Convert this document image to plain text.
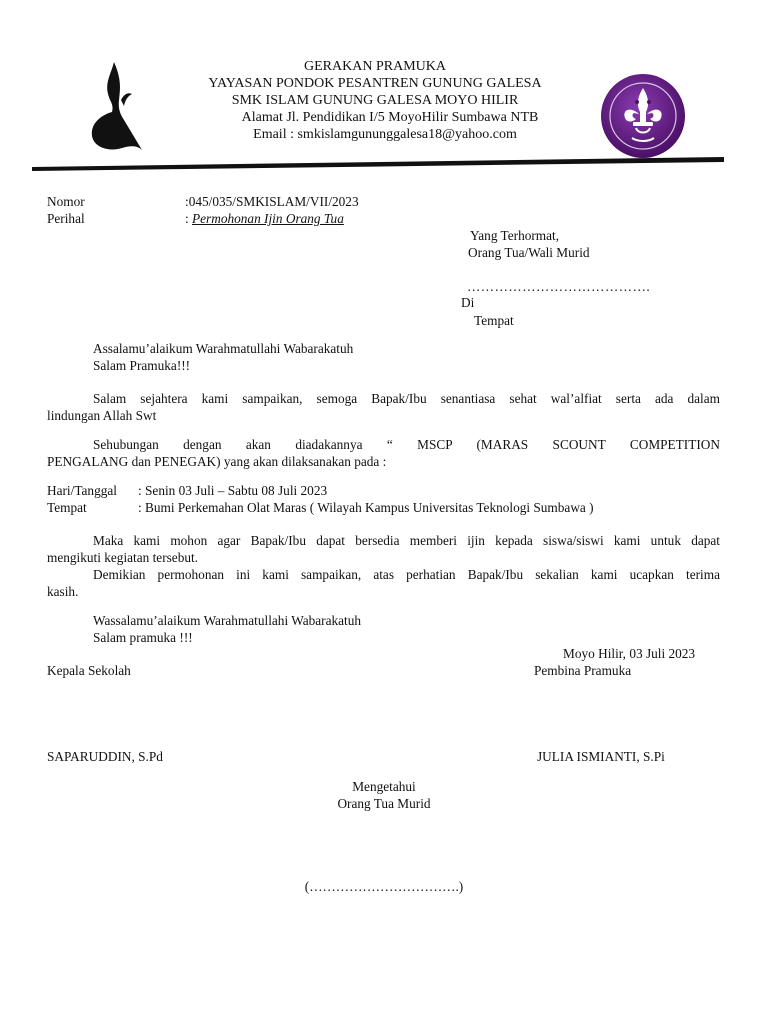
GERAKAN PRAMUKA
YAYASAN PONDOK PESANTREN GUNUNG GALESA
SMK ISLAM GUNUNG GALESA MOYO HILIR
Alamat Jl. Pendidikan I/5 MoyoHilir Sumbawa NTB
Email : smkislamgununggalesa18@yahoo.com
Nomor	:045/035/SMKISLAM/VII/2023
Perihal	: Permohonan Ijin Orang Tua
Yang Terhormat,
Orang Tua/Wali Murid
………………………………….
Di
Tempat
Assalamu’alaikum Warahmatullahi Wabarakatuh
Salam Pramuka!!!
Salam sejahtera kami sampaikan, semoga Bapak/Ibu senantiasa sehat wal’alfiat serta ada dalam
lindungan Allah Swt
Sehubungan dengan akan diadakannya “ MSCP (MARAS SCOUNT COMPETITION
PENGALANG dan PENEGAK) yang akan dilaksanakan pada :
Hari/Tanggal : Senin 03 Juli – Sabtu 08 Juli 2023
Tempat	: Bumi Perkemahan Olat Maras ( Wilayah Kampus Universitas Teknologi Sumbawa )
Maka kami mohon agar Bapak/Ibu dapat bersedia memberi ijin kepada siswa/siswi kami untuk dapat
mengikuti kegiatan tersebut.
Demikian permohonan ini kami sampaikan, atas perhatian Bapak/Ibu sekalian kami ucapkan terima
kasih.
Wassalamu’alaikum Warahmatullahi Wabarakatuh
Salam pramuka !!!
Moyo Hilir, 03 Juli 2023
Kepala Sekolah	Pembina Pramuka
SAPARUDDIN, S.Pd	JULIA ISMIANTI, S.Pi
Mengetahui
Orang Tua Murid
(…………………………….)
